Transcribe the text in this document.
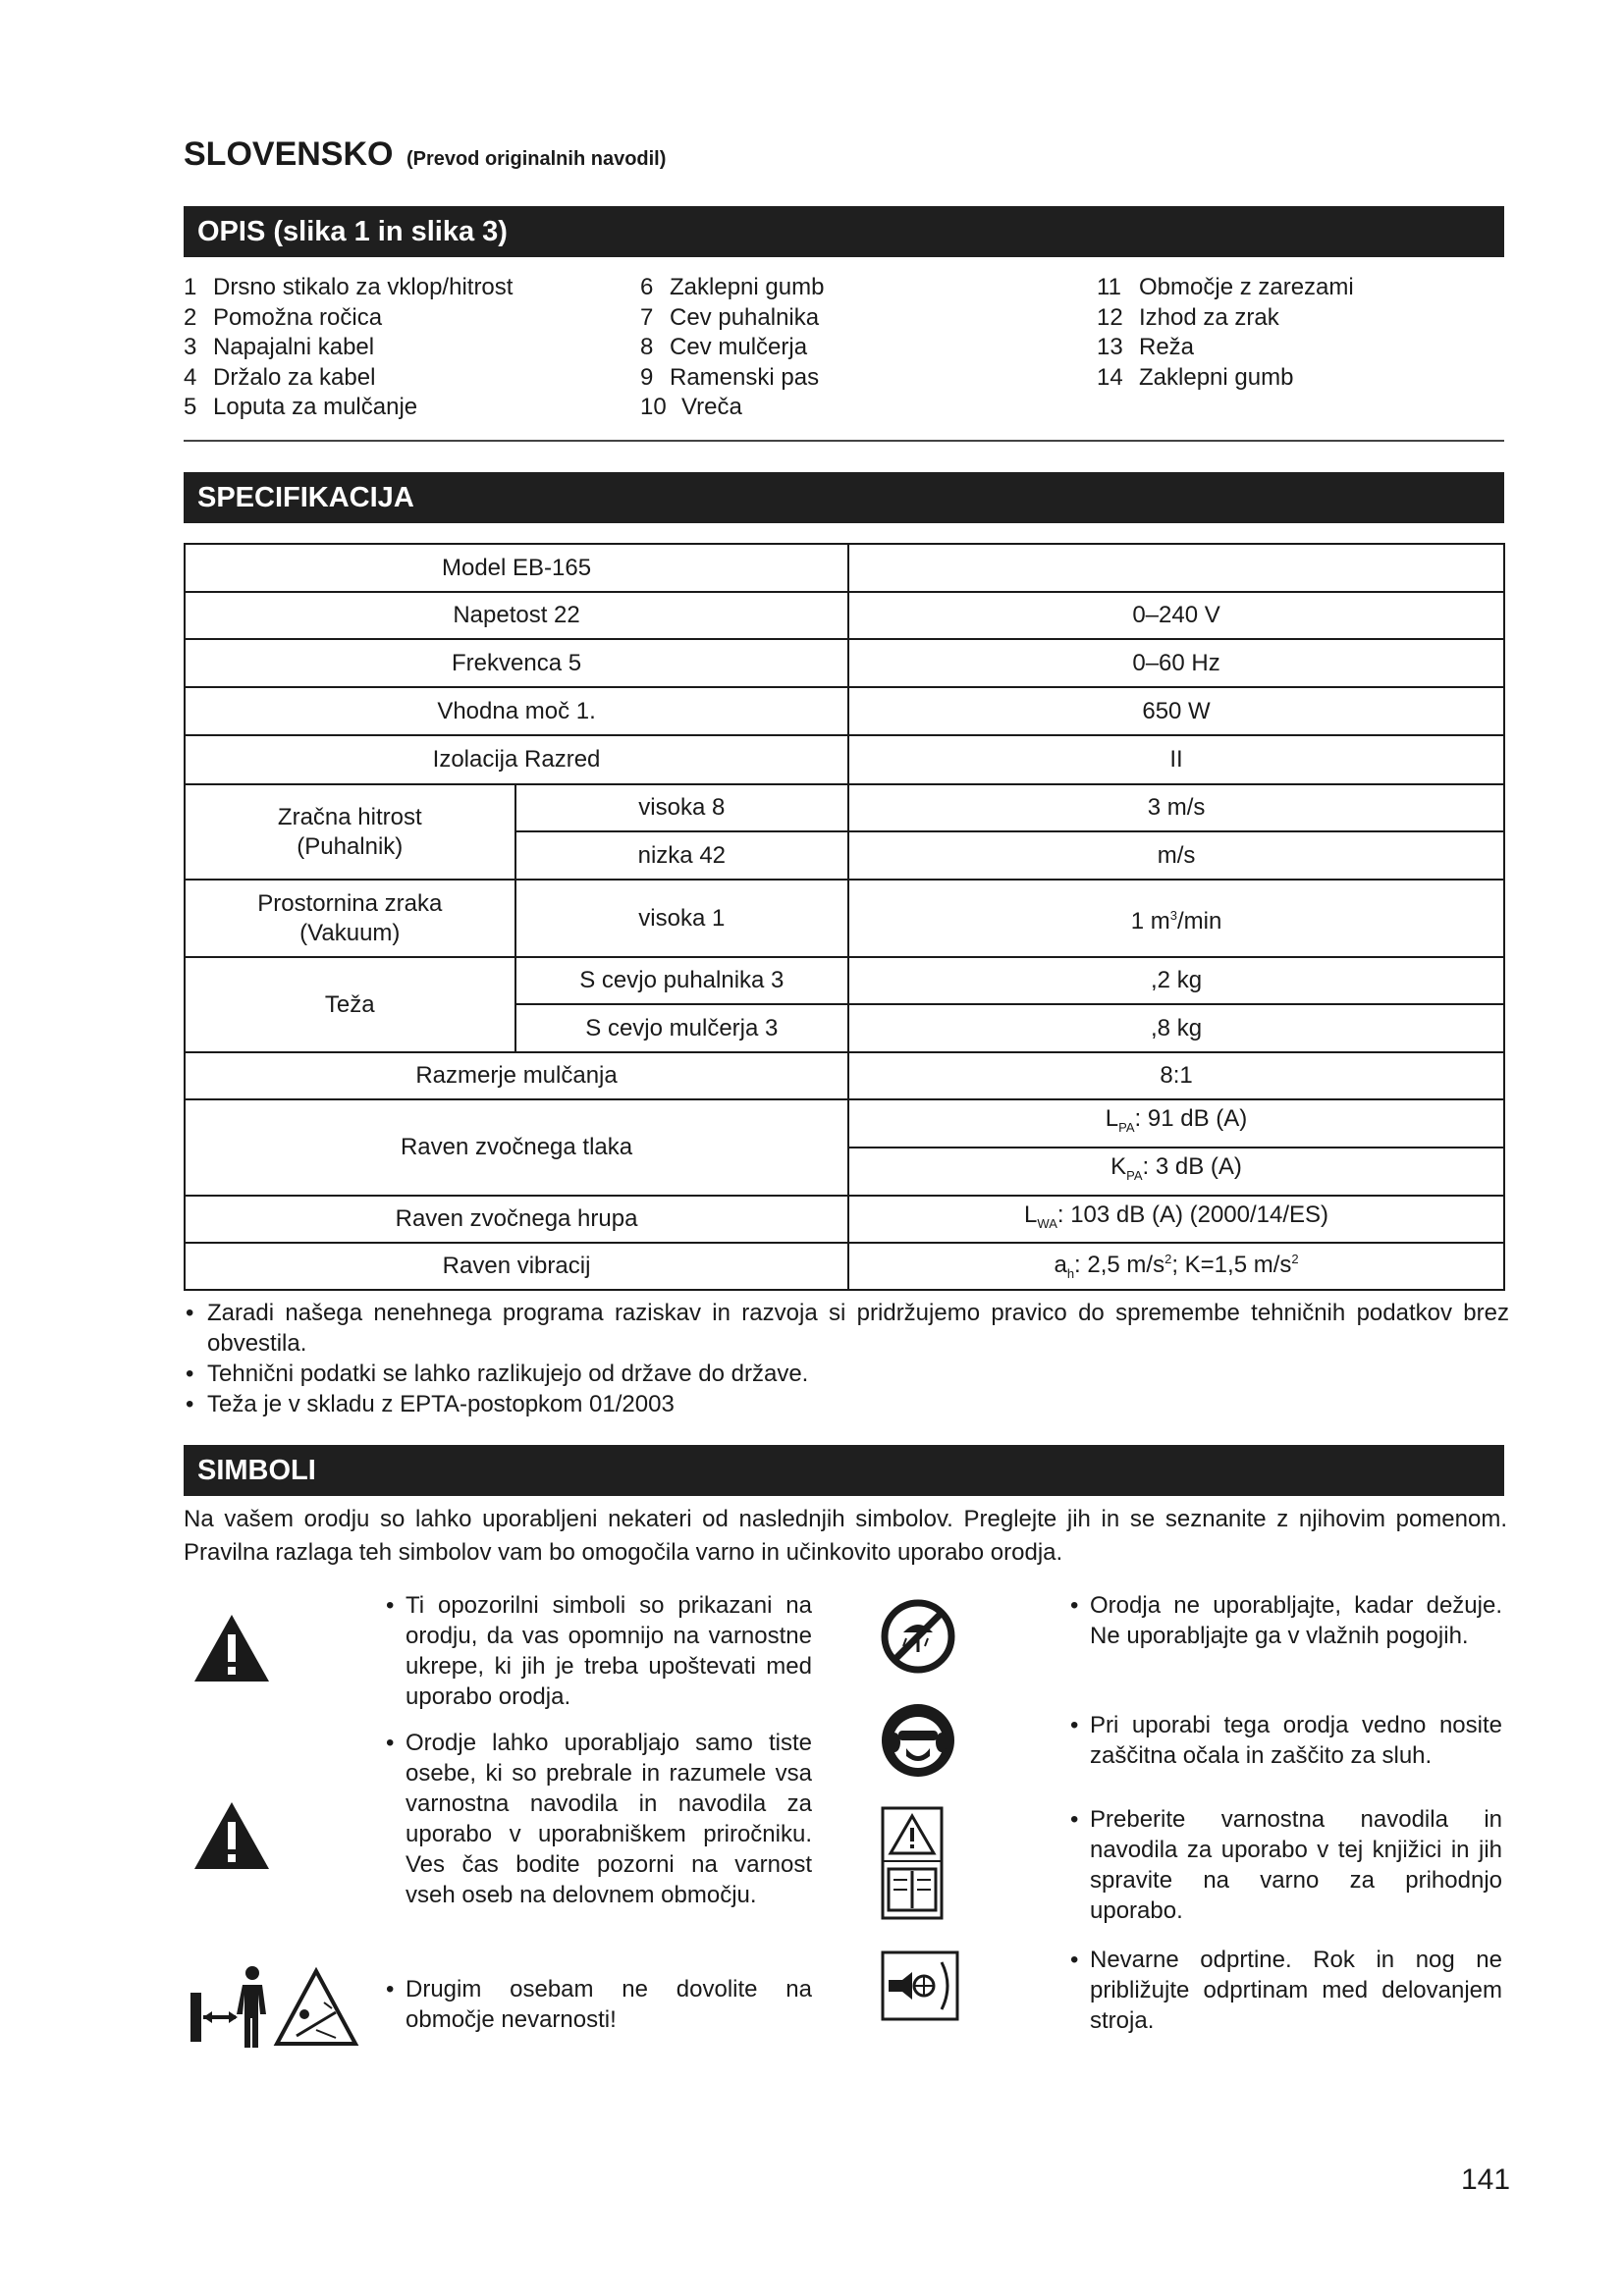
SLOVENSKO (Prevod originalnih navodil)
OPIS (slika 1 in slika 3)
1 Drsno stikalo za vklop/hitrost
2 Pomožna ročica
3 Napajalni kabel
4 Držalo za kabel
5 Loputa za mulčanje
6 Zaklepni gumb
7 Cev puhalnika
8 Cev mulčerja
9 Ramenski pas
10 Vreča
11 Območje z zarezami
12 Izhod za zrak
13 Reža
14 Zaklepni gumb
SPECIFIKACIJA
Model EB-165		
Napetost 22		0–240 V
Frekvenca 5		0–60 Hz
Vhodna moč 1.		650 W
Izolacija Razred		II

Zračna hitrost
(Puhalnik)	visoka 8	3 m/s
	nizka 42	m/s

Prostornina zraka
(Vakuum)	visoka 1	1 $m^3/\min$
Teža	S cevjo puhalnika 3	,2 kg
	S cevjo mulčerja 3	,8 kg
Razmerje mulčanja		8:1
Raven zvočnega tlaka		$L_{PA}$: 91 dB (A)
		$K_{PA}$: 3 dB (A)
Raven zvočnega hrupa		$L_{WA}$: 103 dB (A) (2000/14/ES)
Raven vibracij		$a_h$: 2,5 $m/s^2$; K=1,5 $m/s^2$
• Zaradi našega nenehnega programa raziskav in razvoja si pridržujemo pravico do spremembe tehničnih podatkov brez obvestila.
• Tehnični podatki se lahko razlikujejo od države do države.
• Teža je v skladu z EPTA-postopkom 01/2003
SIMBOLI

Na vašem orodju so lahko uporabljeni nekateri od naslednjih simbolov. Preglejte jih in se seznanite z njihovim pomenom. Pravilna razlaga teh simbolov vam bo omogočila varno in učinkovito uporabo orodja.

• Ti opozorilni simboli so prikazani na orodju, da vas opomnijo na varnostne ukrepe, ki jih je treba upoštevati med uporabo orodja.
• Orodje lahko uporabljajo samo tiste osebe, ki so prebrale in razumele vsa varnostna navodila in navodila za uporabo v uporabniškem priročniku. Ves čas bodite pozorni na varnost vseh oseb na delovnem območju.
• Drugim osebam ne dovolite na območje nevarnosti!
• Orodja ne uporabljajte, kadar dežuje. Ne uporabljajte ga v vlažnih pogojih.
• Pri uporabi tega orodja vedno nosite zaščitna očala in zaščito za sluh.
• Preberite varnostna navodila in navodila za uporabo v tej knjižici in jih spravite na varno za prihodnjo uporabo.
• Nevarne odprtine. Rok in nog ne približujte odprtinam med delovanjem stroja.
141
